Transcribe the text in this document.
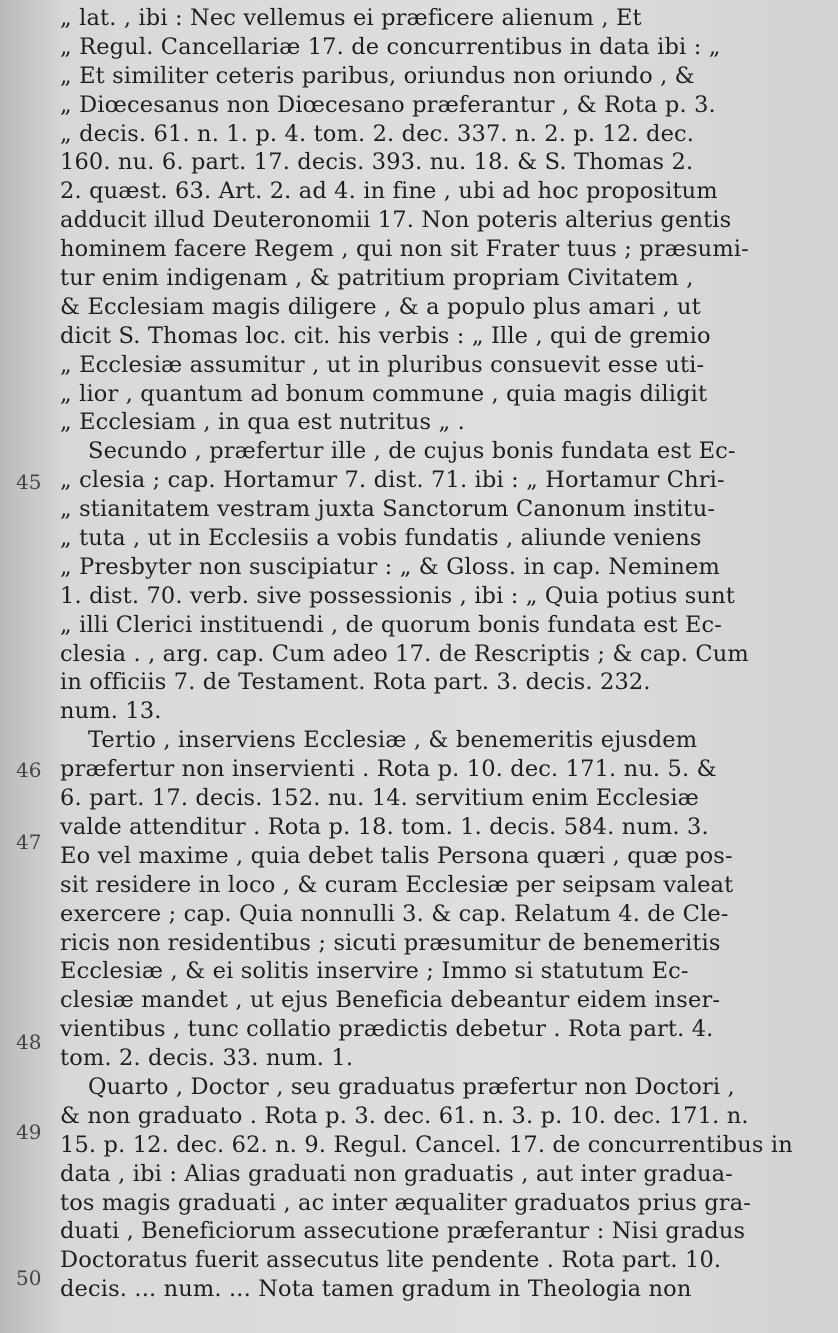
45
46
47
48
49
50
„ lat. , ibi : Nec vellemus ei præficere alienum , Et
„ Regul. Cancellariæ 17. de concurrentibus in data ibi : „
„ Et similiter ceteris paribus, oriundus non oriundo , &
„ Diœcesanus non Diœcesano præferantur , & Rota p. 3.
„ decis. 61. n. 1. p. 4. tom. 2. dec. 337. n. 2. p. 12. dec.
160. nu. 6. part. 17. decis. 393. nu. 18. & S. Thomas 2.
2. quæst. 63. Art. 2. ad 4. in fine , ubi ad hoc propositum
adducit illud Deuteronomii 17. Non poteris alterius gentis
hominem facere Regem , qui non sit Frater tuus ; præsumi-
tur enim indigenam , & patritium propriam Civitatem ,
& Ecclesiam magis diligere , & a populo plus amari , ut
dicit S. Thomas loc. cit. his verbis : „ Ille , qui de gremio
„ Ecclesiæ assumitur , ut in pluribus consuevit esse uti-
„ lior , quantum ad bonum commune , quia magis diligit
„ Ecclesiam , in qua est nutritus „ .
Secundo , præfertur ille , de cujus bonis fundata est Ec-
„ clesia ; cap. Hortamur 7. dist. 71. ibi : „ Hortamur Chri-
„ stianitatem vestram juxta Sanctorum Canonum institu-
„ tuta , ut in Ecclesiis a vobis fundatis , aliunde veniens
„ Presbyter non suscipiatur : „ & Gloss. in cap. Neminem
1. dist. 70. verb. sive possessionis , ibi : „ Quia potius sunt
„ illi Clerici instituendi , de quorum bonis fundata est Ec-
clesia . , arg. cap. Cum adeo 17. de Rescriptis ; & cap. Cum
in officiis 7. de Testament. Rota part. 3. decis. 232.
num. 13.
Tertio , inserviens Ecclesiæ , & benemeritis ejusdem
præfertur non inservienti . Rota p. 10. dec. 171. nu. 5. &
6. part. 17. decis. 152. nu. 14. servitium enim Ecclesiæ
valde attenditur . Rota p. 18. tom. 1. decis. 584. num. 3.
Eo vel maxime , quia debet talis Persona quæri , quæ pos-
sit residere in loco , & curam Ecclesiæ per seipsam valeat
exercere ; cap. Quia nonnulli 3. & cap. Relatum 4. de Cle-
ricis non residentibus ; sicuti præsumitur de benemeritis
Ecclesiæ , & ei solitis inservire ; Immo si statutum Ec-
clesiæ mandet , ut ejus Beneficia debeantur eidem inser-
vientibus , tunc collatio prædictis debetur . Rota part. 4.
tom. 2. decis. 33. num. 1.
Quarto , Doctor , seu graduatus præfertur non Doctori ,
& non graduato . Rota p. 3. dec. 61. n. 3. p. 10. dec. 171. n.
15. p. 12. dec. 62. n. 9. Regul. Cancel. 17. de concurrentibus in
data , ibi : Alias graduati non graduatis , aut inter gradua-
tos magis graduati , ac inter æqualiter graduatos prius gra-
duati , Beneficiorum assecutione præferantur : Nisi gradus
Doctoratus fuerit assecutus lite pendente . Rota part. 10.
decis. ... num. ... Nota tamen gradum in Theologia non
